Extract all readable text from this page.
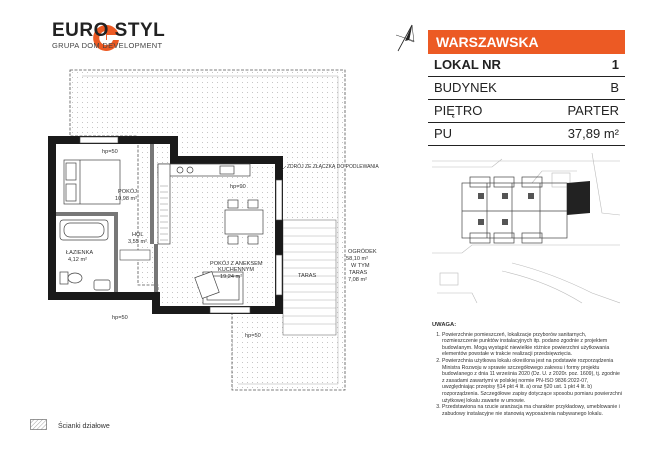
EURO STYL
GRUPA DOM DEVELOPMENT	WARSZAWSKA
LOKAL NR	1
BUDYNEK	B
PIĘTRO	PARTER
PU	37,89 m²
UWAGA:
1. Powierzchnie pomieszczeń, lokalizacje przyborów sanitarnych, rozmieszczenie punktów instalacyjnych itp. podano zgodnie z projektem budowlanym. Mogą wystąpić niewielkie różnice powierzchni użytkowania elementów powstałe w trakcie realizacji przedsięwzięcia.
2. Powierzchnia użytkowa lokalu określona jest na podstawie rozporządzenia Ministra Rozwoju w sprawie szczegółowego zakresu i formy projektu budowlanego z dnia 11 września 2020 (Dz. U. z 2020r. poz. 1609), tj. zgodnie z zasadami zawartymi w polskiej normie PN-ISO 9836:2022-07, uwzględniając przepisy §14 pkt 4 lit. a) oraz §20 ust. 1 pkt 4 lit. b) rozporządzenia. Szczegółowe zapisy dotyczące sposobu pomiaru powierzchni użytkowej lokalu zawarte w umowie.
3. Przedstawiona na rzucie aranżacja ma charakter przykładowy, umeblowanie i zabudowy instalacyjne nie stanowią wyposażenia nabywanego lokalu.
hp=50
hp=90
hp=50
hp=50
POKÓJ
10,98 m²
POKÓJ Z ANEKSEM
KUCHENNYM
19,24 m²
HOL
3,55 m²
ŁAZIENKA
4,12 m²
TARAS
OGRÓDEK
58,10 m²
W TYM
TARAS
7,08 m²
ZDRÓJ ZE ZŁĄCZKĄ DO PODLEWANIA
Ścianki działowe
